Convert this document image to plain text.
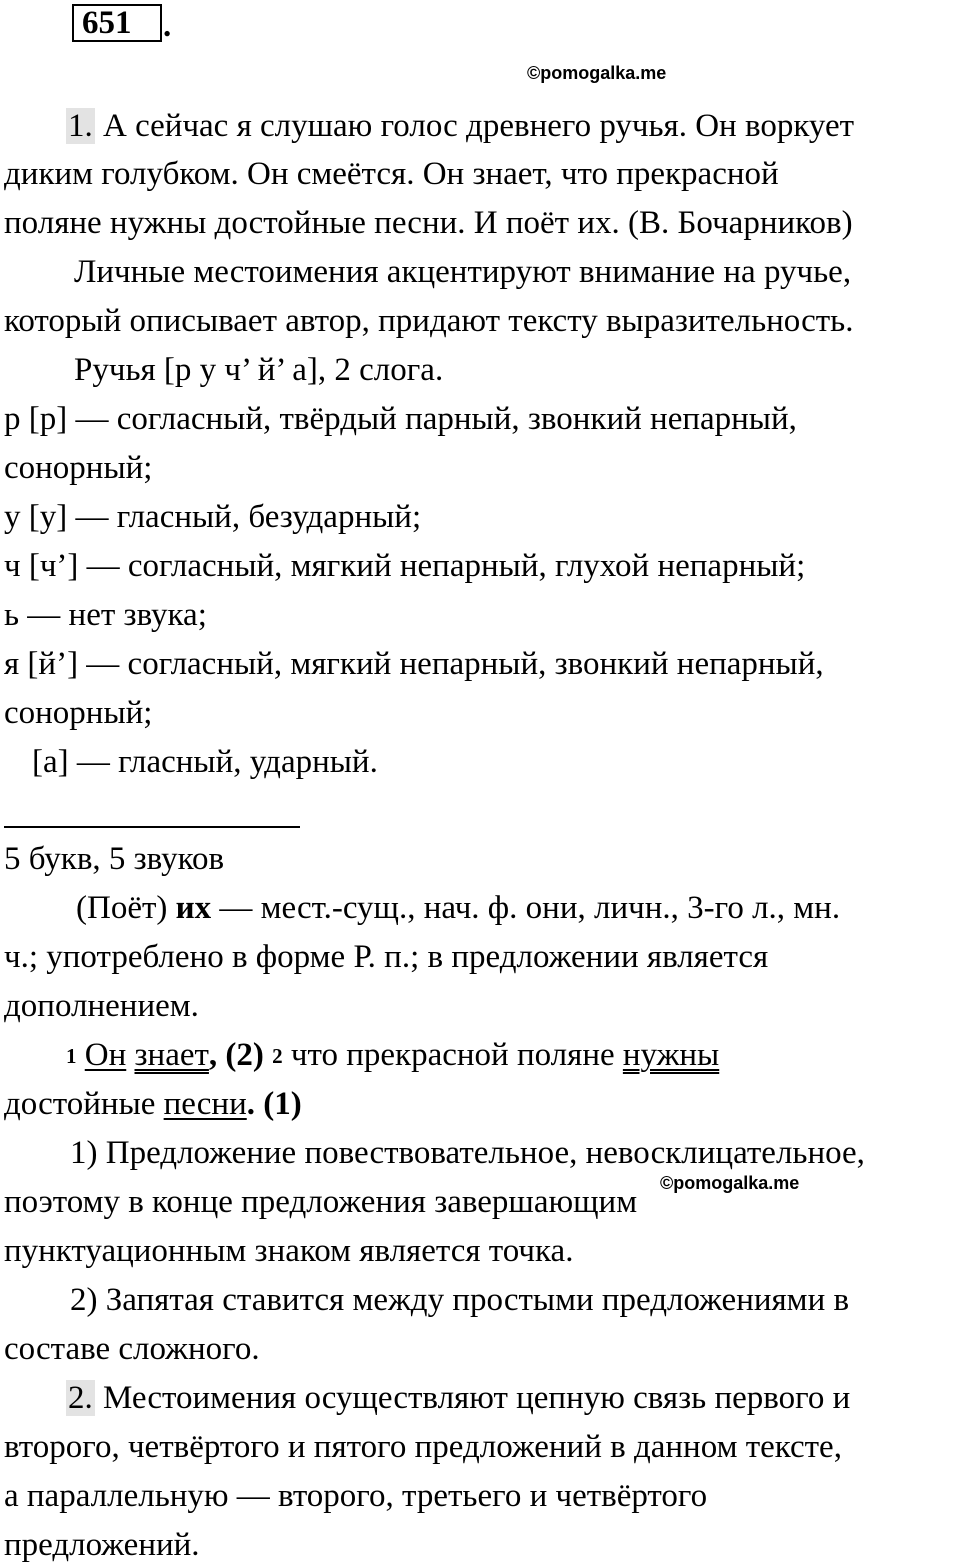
651 .
©pomogalka.me
1. А сейчас я слушаю голос древнего ручья. Он воркует
диким голубком. Он смеётся. Он знает, что прекрасной
поляне нужны достойные песни. И поёт их. (В. Бочарников)
Личные местоимения акцентируют внимание на ручье,
который описывает автор, придают тексту выразительность.
Ручья [р у ч’ й’ а], 2 слога.
р [р] — согласный, твёрдый парный, звонкий непарный,
сонорный;
у [у] — гласный, безударный;
ч [ч’] — согласный, мягкий непарный, глухой непарный;
ь — нет звука;
я [й’] — согласный, мягкий непарный, звонкий непарный,
сонорный;
[а] — гласный, ударный.
5 букв, 5 звуков
(Поёт) их — мест.-сущ., нач. ф. они, личн., 3-го л., мн.
ч.; употреблено в форме Р. п.; в предложении является
дополнением.
1 Он знает, (2) 2 что прекрасной поляне нужны
достойные песни. (1)
1) Предложение повествовательное, невосклицательное,
©pomogalka.me
поэтому в конце предложения завершающим
пунктуационным знаком является точка.
2) Запятая ставится между простыми предложениями в
составе сложного.
2. Местоимения осуществляют цепную связь первого и
второго, четвёртого и пятого предложений в данном тексте,
а параллельную — второго, третьего и четвёртого
предложений.
